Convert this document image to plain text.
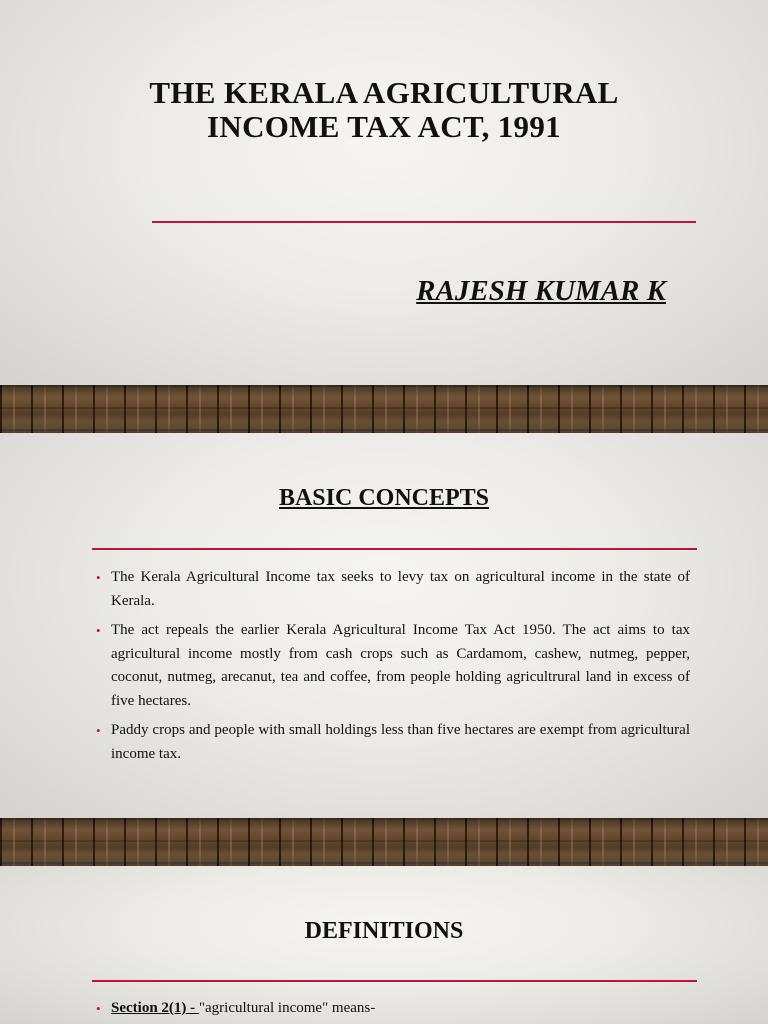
THE KERALA AGRICULTURAL
INCOME TAX ACT, 1991

RAJESH KUMAR K

BASIC CONCEPTS
• The Kerala Agricultural Income tax seeks to levy tax on agricultural income in the state of Kerala.
• The act repeals the earlier Kerala Agricultural Income Tax Act 1950. The act aims to tax agricultural income mostly from cash crops such as Cardamom, cashew, nutmeg, pepper, coconut, nutmeg, arecanut, tea and coffee, from people holding agricultrural land in excess of five hectares.
• Paddy crops and people with small holdings less than five hectares are exempt from agricultural income tax.
DEFINITIONS
• Section 2(1) - "agricultural income" means-
